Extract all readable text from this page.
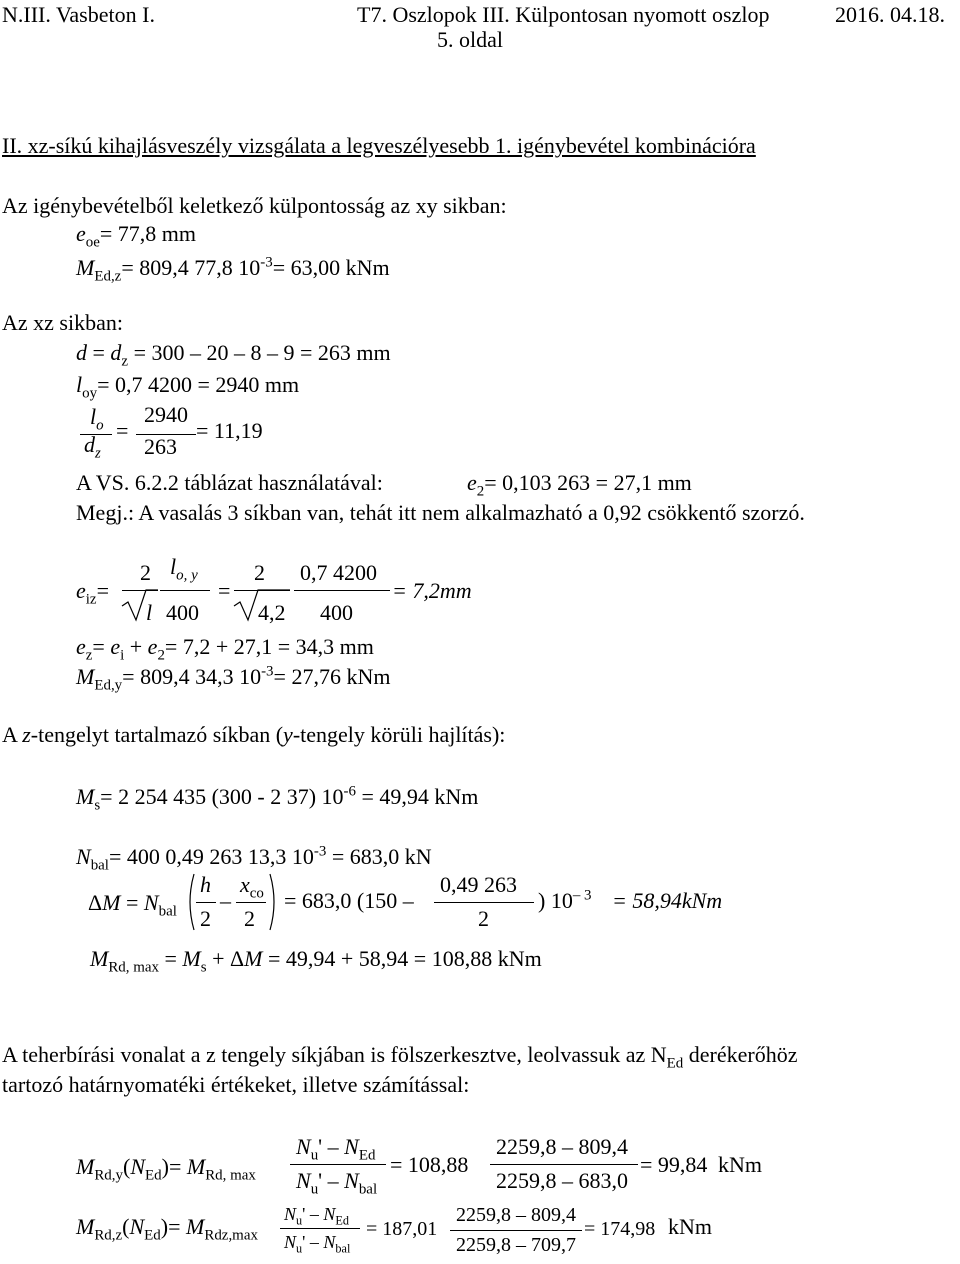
N.III. Vasbeton I.	T7. Oszlopok III. Külpontosan nyomott oszlop	2016. 04.18.
5. oldal
II. xz-síkú kihajlásveszély vizsgálata a legveszélyesebb 1. igénybevétel kombinációra
Az igénybevételből keletkező külpontosság az xy sikban:
$e_{oe}= 77,8$ mm
$M_{Ed,z}= 809,4$ 77,8 $10^{-3}= 63,00$ kNm
Az xz sikban:
$d = d_z = 300 - 20 - 8 - 9 = 263$ mm
$l_{oy}= 0,7$ 4200 = 2940 mm
$l_o$
$d_z$
=
2940
263
= 11,19
A VS. 6.2.2 táblázat használatával:	$e_2= 0,103$ 263 = 27,1 mm
Megj.: A vasalás 3 síkban van, tehát itt nem alkalmazható a 0,92 csökkentő szorzó.
$e_{iz}=$
2
l
$l_{o, y}$
400
=
2
4,2
0,7 4200
400
= 7,2mm
$e_z= e_i + e_2= 7,2 + 27,1 = 34,3$ mm
$M_{Ed,y}= 809,4$ 34,3 $10^{-3}= 27,76$ kNm
A z-tengelyt tartalmazó síkban (y-tengely körüli hajlítás):
$M_s= 2$ 254 435 (300 - 2 37) $10^{-6} = 49,94$ kNm
$N_{bal}= 400$ 0,49 263 13,3 $10^{-3} = 683,0$ kN
$\Delta M = N_{bal}$
h
2
–
$x_{co}$
2
= 683,0 (150 –
0,49 263
2
) $10^{- 3} = 58,94kNm$
$M_{Rd, max} = M_s + \Delta M = 49,94 + 58,94 = 108,88$ kNm
A teherbírási vonalat a z tengely síkjában is fölszerkesztve, leolvassuk az $N_{Ed}$ derékerőhöz
tartozó határnyomatéki értékeket, illetve számítással:
$M_{Rd,y}(N_{Ed})= M_{Rd, max}$
$N_u' - N_{Ed}$
$N_u' - N_{bal}$
= 108,88
2259,8 – 809,4
2259,8 – 683,0
= 99,84 kNm
$M_{Rd,z}(N_{Ed})= M_{Rdz,max}$
$N_u' - N_{Ed}$
$N_u' - N_{bal}$
= 187,01
2259,8 – 809,4
2259,8 – 709,7
= 174,98 kNm
